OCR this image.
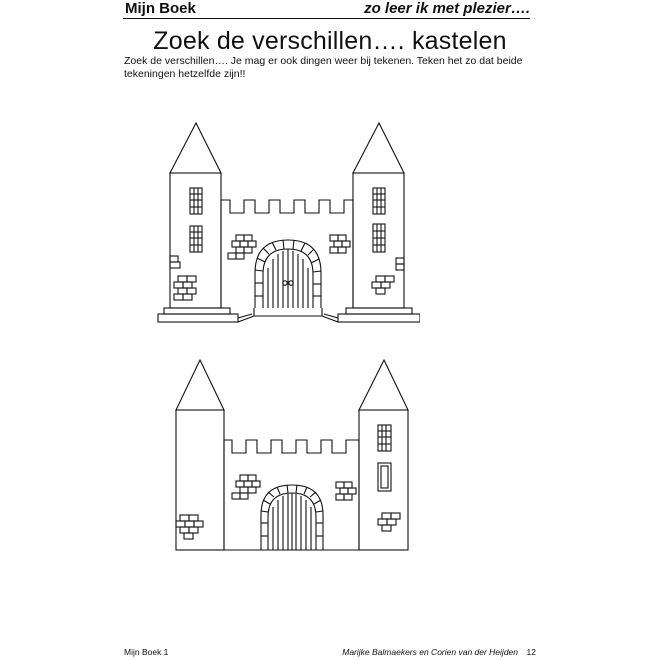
Mijn Boek	zo leer ik met plezier….
Zoek de verschillen…. kastelen
Zoek de verschillen…. Je mag er ook dingen weer bij tekenen. Teken het zo dat beide tekeningen hetzelfde zijn!!
Mijn Boek 1	Marijke Balmaekers en Corien van der Heijden 12
